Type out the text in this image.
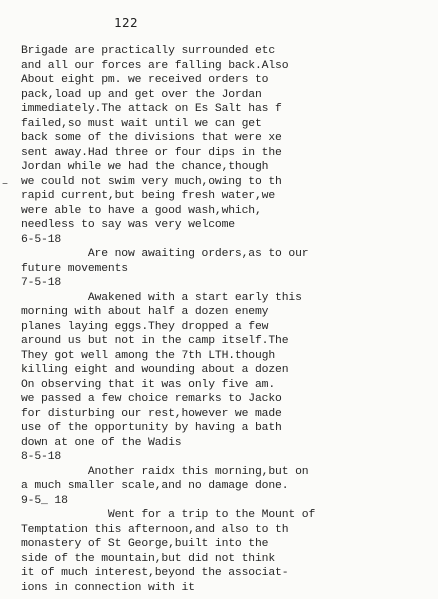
122
–
Brigade are practically surrounded etc
and all our forces are falling back.Also
About eight pm. we received orders to
pack,load up and get over the Jordan
immediately.The attack on Es Salt has f
failed,so must wait until we can get
back some of the divisions that were xe
sent away.Had three or four dips in the
Jordan while we had the chance,though
we could not swim very much,owing to th
rapid current,but being fresh water,we
were able to have a good wash,which,
needless to say was very welcome
6-5-18
Are now awaiting orders,as to our
future movements
7-5-18
Awakened with a start early this
morning with about half a dozen enemy
planes laying eggs.They dropped a few
around us but not in the camp itself.The
They got well among the 7th LTH.though
killing eight and wounding about a dozen
On observing that it was only five am.
we passed a few choice remarks to Jacko
for disturbing our rest,however we made
use of the opportunity by having a bath
down at one of the Wadis
8-5-18
Another raidx this morning,but on
a much smaller scale,and no damage done.
9-5_ 18
Went for a trip to the Mount of
Temptation this afternoon,and also to th
monastery of St George,built into the
side of the mountain,but did not think
it of much interest,beyond the associat-
ions in connection with it
